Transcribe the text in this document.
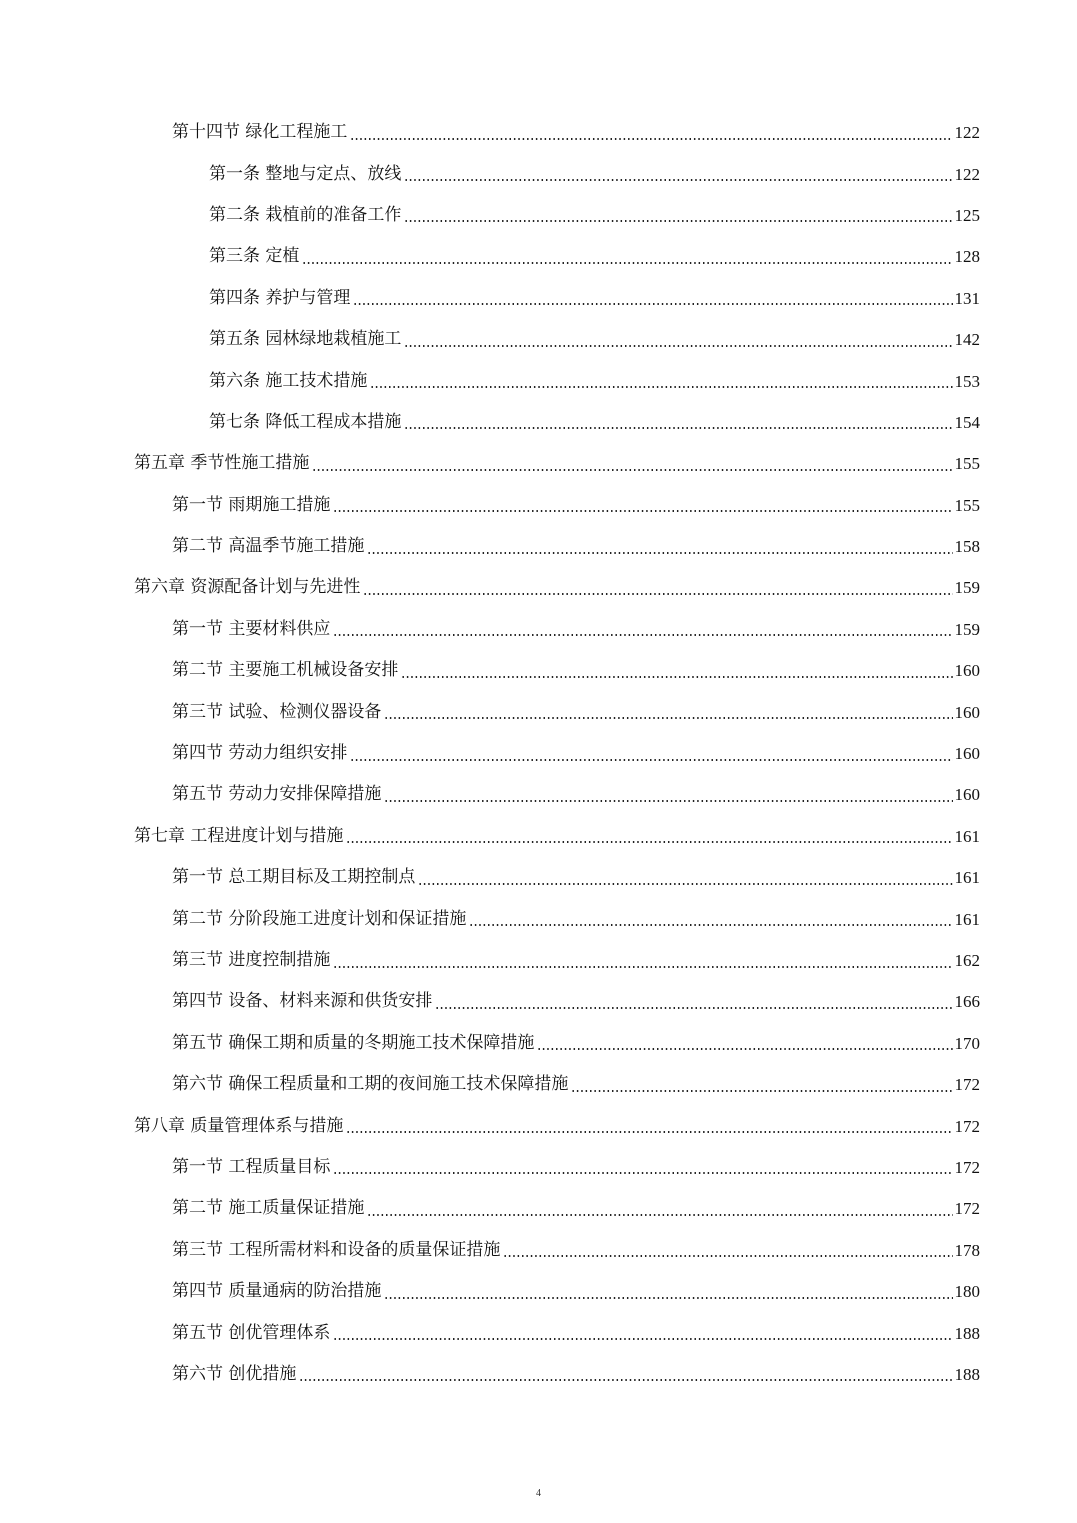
第十四节 绿化工程施工	122
第一条 整地与定点、放线	122
第二条 栽植前的准备工作	125
第三条 定植	128
第四条 养护与管理	131
第五条 园林绿地栽植施工	142
第六条 施工技术措施	153
第七条 降低工程成本措施	154
第五章 季节性施工措施	155
第一节 雨期施工措施	155
第二节 高温季节施工措施	158
第六章 资源配备计划与先进性	159
第一节 主要材料供应	159
第二节 主要施工机械设备安排	160
第三节 试验、检测仪器设备	160
第四节 劳动力组织安排	160
第五节 劳动力安排保障措施	160
第七章 工程进度计划与措施	161
第一节 总工期目标及工期控制点	161
第二节 分阶段施工进度计划和保证措施	161
第三节 进度控制措施	162
第四节 设备、材料来源和供货安排	166
第五节 确保工期和质量的冬期施工技术保障措施	170
第六节 确保工程质量和工期的夜间施工技术保障措施	172
第八章 质量管理体系与措施	172
第一节 工程质量目标	172
第二节 施工质量保证措施	172
第三节 工程所需材料和设备的质量保证措施	178
第四节 质量通病的防治措施	180
第五节 创优管理体系	188
第六节 创优措施	188
4
